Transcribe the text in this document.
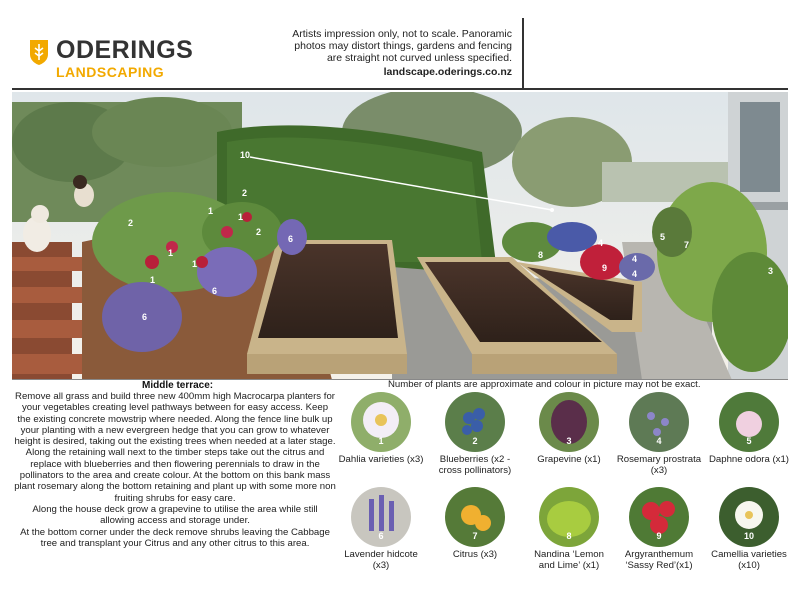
ODERINGS
LANDSCAPING
Artists impression only, not to scale. Panoramic photos may distort things, gardens and fencing are straight not curved unless specified.
landscape.oderings.co.nz
10
2
2
1
1
6
2
1
6
1
1
6
8
4
4
9
4
5
7
3
Middle terrace:

Remove all grass and build three new 400mm high Macrocarpa planters for your vegetables creating level pathways between for easy access. Keep the existing concrete mowstrip where needed. Along the fence line bulk up your planting with a new evergreen hedge that you can grow to whatever height is desired, taking out the existing trees when needed at a later stage. Along the retaining wall next to the timber steps take out the citrus and replace with blueberries and then flowering perennials to draw in the pollinators to the area and create colour. At the bottom on this bank mass plant rosemary along the bottom retaining and plant up with some more non fruiting shrubs for easy care.

Along the house deck grow a grapevine to utilise the area while still allowing access and storage under.

At the bottom corner under the deck remove shrubs leaving the Cabbage tree and transplant your Citrus and any other citrus to this area.

Number of plants are approximate and colour in picture may not be exact.
1
Dahlia varieties (x3)
2
Blueberries (x2 - cross pollinators)
3
Grapevine (x1)
4
Rosemary prostrata (x3)
5
Daphne odora (x1)
6
Lavender hidcote (x3)
7
Citrus (x3)
8
Nandina ‘Lemon and Lime’ (x1)
9
Argyranthemum ‘Sassy Red’(x1)
10
Camellia varieties (x10)
